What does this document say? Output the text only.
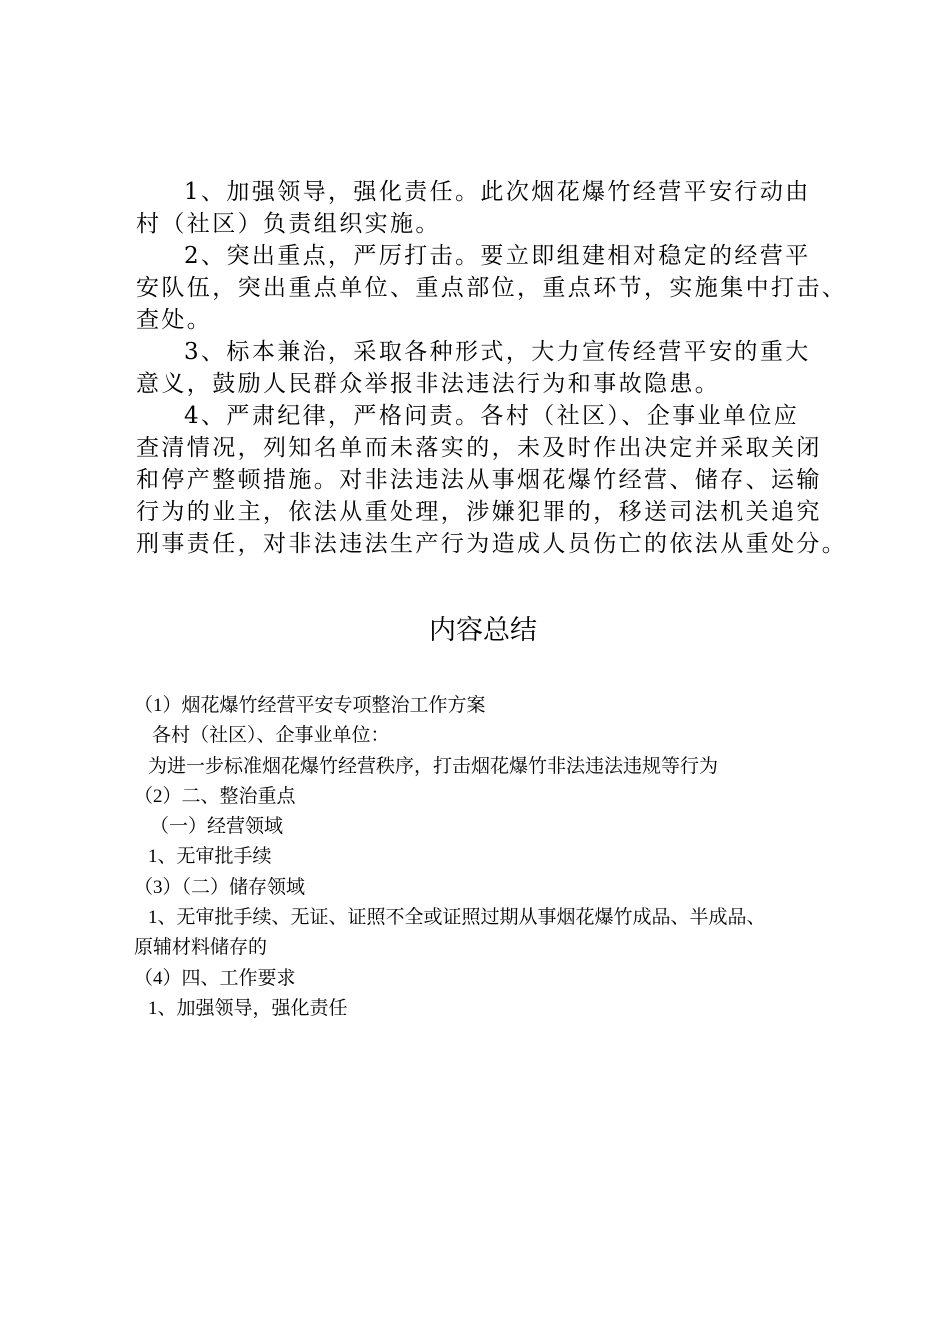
1、加强领导，强化责任。此次烟花爆竹经营平安行动由
村（社区）负责组织实施。
2、突出重点，严厉打击。要立即组建相对稳定的经营平
安队伍，突出重点单位、重点部位，重点环节，实施集中打击、
查处。
3、标本兼治，采取各种形式，大力宣传经营平安的重大
意义，鼓励人民群众举报非法违法行为和事故隐患。
4、严肃纪律，严格问责。各村（社区）、企事业单位应
查清情况，列知名单而未落实的，未及时作出决定并采取关闭
和停产整顿措施。对非法违法从事烟花爆竹经营、储存、运输
行为的业主，依法从重处理，涉嫌犯罪的，移送司法机关追究
刑事责任，对非法违法生产行为造成人员伤亡的依法从重处分。
内容总结
（1）烟花爆竹经营平安专项整治工作方案
各村（社区）、企事业单位：
为进一步标准烟花爆竹经营秩序，打击烟花爆竹非法违法违规等行为
（2）二、整治重点
（一）经营领域
1、无审批手续
（3）（二）储存领域
1、无审批手续、无证、证照不全或证照过期从事烟花爆竹成品、半成品、
原辅材料储存的
（4）四、工作要求
1、加强领导，强化责任
